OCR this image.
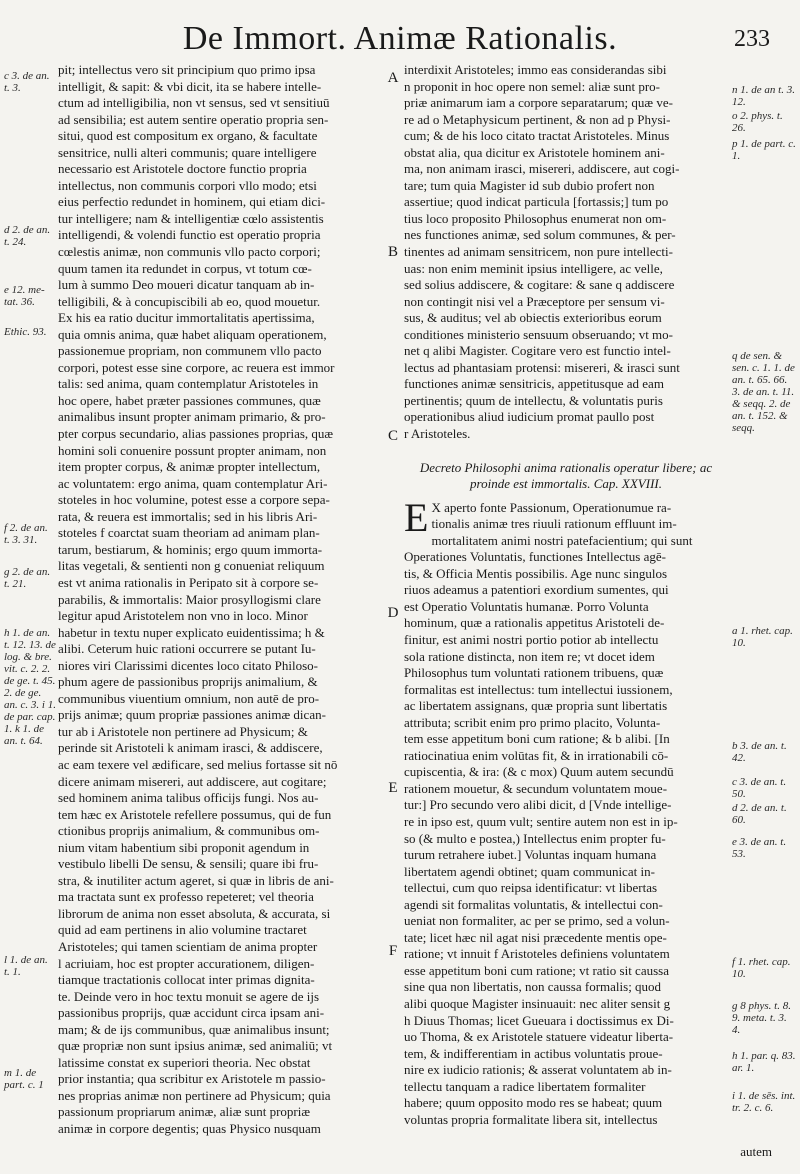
De Immort. Animæ Rationalis.	233
pit; intellectus vero sit principium quo primo ipsa
intelligit, & sapit: & vbi dicit, ita se habere intelle-
ctum ad intelligibilia, non vt sensus, sed vt sensitiuū
ad sensibilia; est autem sentire operatio propria sen-
situi, quod est compositum ex organo, & facultate
sensitrice, nulli alteri communis; quare intelligere
necessario est Aristotele doctore functio propria
intellectus, non communis corpori vllo modo; etsi
eius perfectio redundet in hominem, qui etiam dici-
tur intelligere; nam & intelligentiæ cœlo assistentis
intelligendi, & volendi functio est operatio propria
cœlestis animæ, non communis vllo pacto corpori;
quum tamen ita redundet in corpus, vt totum cœ-
lum à summo Deo moueri dicatur tanquam ab in-
telligibili, & à concupiscibili ab eo, quod mouetur.
Ex his ea ratio ducitur immortalitatis apertissima,
quia omnis anima, quæ habet aliquam operationem,
passionemue propriam, non communem vllo pacto
corpori, potest esse sine corpore, ac reuera est immor
talis: sed anima, quam contemplatur Aristoteles in
hoc opere, habet præter passiones communes, quæ
animalibus insunt propter animam primario, & pro-
pter corpus secundario, alias passiones proprias, quæ
homini soli conuenire possunt propter animam, non
item propter corpus, & animæ propter intellectum,
ac voluntatem: ergo anima, quam contemplatur Ari-
stoteles in hoc volumine, potest esse a corpore sepa-
rata, & reuera est immortalis; sed in his libris Ari-
stoteles f coarctat suam theoriam ad animam plan-
tarum, bestiarum, & hominis; ergo quum immorta-
litas vegetali, & sentienti non g conueniat reliquum
est vt anima rationalis in Peripato sit à corpore se-
parabilis, & immortalis: Maior prosyllogismi clare
legitur apud Aristotelem non vno in loco. Minor
habetur in textu nuper explicato euidentissima; h &
alibi. Ceterum huic rationi occurrere se putant Iu-
niores viri Clarissimi dicentes loco citato Philoso-
phum agere de passionibus proprijs animalium, &
communibus viuentium omnium, non autē de pro-
prijs animæ; quum propriæ passiones animæ dican-
tur ab i Aristotele non pertinere ad Physicum; &
perinde sit Aristoteli k animam irasci, & addiscere,
ac eam texere vel ædificare, sed melius fortasse sit nō
dicere animam misereri, aut addiscere, aut cogitare;
sed hominem anima talibus officijs fungi. Nos au-
tem hæc ex Aristotele refellere possumus, qui de fun
ctionibus proprijs animalium, & communibus om-
nium vitam habentium sibi proponit agendum in
vestibulo libelli De sensu, & sensili; quare ibi fru-
stra, & inutiliter actum ageret, si quæ in libris de ani-
ma tractata sunt ex professo repeteret; vel theoria
librorum de anima non esset absoluta, & accurata, si
quid ad eam pertinens in alio volumine tractaret
Aristoteles; qui tamen scientiam de anima propter
l acriuiam, hoc est propter accurationem, diligen-
tiamque tractationis collocat inter primas dignita-
te. Deinde vero in hoc textu monuit se agere de ijs
passionibus proprijs, quæ accidunt circa ipsam ani-
mam; & de ijs communibus, quæ animalibus insunt;
quæ propriæ non sunt ipsius animæ, sed animaliū; vt
latissime constat ex superiori theoria. Nec obstat
prior instantia; qua scribitur ex Aristotele m passio-
nes proprias animæ non pertinere ad Physicum; quia
passionum propriarum animæ, aliæ sunt propriæ
animæ in corpore degentis; quas Physico nusquam
interdixit Aristoteles; immo eas considerandas sibi
n proponit in hoc opere non semel: aliæ sunt pro-
priæ animarum iam a corpore separatarum; quæ ve-
re ad o Metaphysicum pertinent, & non ad p Physi-
cum; & de his loco citato tractat Aristoteles. Minus
obstat alia, qua dicitur ex Aristotele hominem ani-
ma, non animam irasci, misereri, addiscere, aut cogi-
tare; tum quia Magister id sub dubio profert non
assertiue; quod indicat particula [fortassis;] tum po
tius loco proposito Philosophus enumerat non om-
nes functiones animæ, sed solum communes, & per-
tinentes ad animam sensitricem, non pure intellecti-
uas: non enim meminit ipsius intelligere, ac velle,
sed solius addiscere, & cogitare: & sane q addiscere
non contingit nisi vel a Præceptore per sensum vi-
sus, & auditus; vel ab obiectis exterioribus eorum
conditiones ministerio sensuum obseruando; vt mo-
net q alibi Magister. Cogitare vero est functio intel-
lectus ad phantasiam protensi: misereri, & irasci sunt
functiones animæ sensitricis, appetitusque ad eam
pertinentis; quum de intellectu, & voluntatis puris
operationibus aliud iudicium promat paullo post
r Aristoteles.
Decreto Philosophi anima rationalis operatur libere; ac proinde est immortalis. Cap. XXVIII.
E X aperto fonte Passionum, Operationumue ra-
tionalis animæ tres riuuli rationum effluunt im-
mortalitatem animi nostri patefacientium; qui sunt
Operationes Voluntatis, functiones Intellectus agē-
tis, & Officia Mentis possibilis. Age nunc singulos
riuos adeamus a patentiori exordium sumentes, qui
est Operatio Voluntatis humanæ. Porro Volunta
hominum, quæ a rationalis appetitus Aristoteli de-
finitur, est animi nostri portio potior ab intellectu
sola ratione distincta, non item re; vt docet idem
Philosophus tum voluntati rationem tribuens, quæ
formalitas est intellectus: tum intellectui iussionem,
ac libertatem assignans, quæ propria sunt libertatis
attributa; scribit enim pro primo placito, Volunta-
tem esse appetitum boni cum ratione; & b alibi. [In
ratiocinatiua enim volūtas fit, & in irrationabili cō-
cupiscentia, & ira: (& c mox) Quum autem secundū
rationem mouetur, & secundum voluntatem moue-
tur:] Pro secundo vero alibi dicit, d [Vnde intellige-
re in ipso est, quum vult; sentire autem non est in ip-
so (& multo e postea,) Intellectus enim propter fu-
turum retrahere iubet.] Voluntas inquam humana
libertatem agendi obtinet; quam communicat in-
tellectui, cum quo reipsa identificatur: vt libertas
agendi sit formalitas voluntatis, & intellectui con-
ueniat non formaliter, ac per se primo, sed a volun-
tate; licet hæc nil agat nisi præcedente mentis ope-
ratione; vt innuit f Aristoteles definiens voluntatem
esse appetitum boni cum ratione; vt ratio sit caussa
sine qua non libertatis, non caussa formalis; quod
alibi quoque Magister insinuauit: nec aliter sensit g
h Diuus Thomas; licet Gueuara i doctissimus ex Di-
uo Thoma, & ex Aristotele statuere videatur liberta-
tem, & indifferentiam in actibus voluntatis proue-
nire ex iudicio rationis; & asserat voluntatem ab in-
tellectu tanquam a radice libertatem formaliter
habere; quum opposito modo res se habeat; quum
voluntas propria formalitate libera sit, intellectus
c 3. de an. t. 3.
d 2. de an. t. 24.
e 12. me- tat. 36.
Ethic. 93.
f 2. de an. t. 3. 31.
g 2. de an. t. 21.
h 1. de an. t. 12. 13. de log. & bre. vit. c. 2. 2. de ge. t. 45. 2. de ge. an. c. 3. i 1. de par. cap. 1. k 1. de an. t. 64.
l 1. de an. t. 1.
m 1. de part. c. 1
n 1. de an t. 3. 12.
o 2. phys. t. 26.
p 1. de part. c. 1.
q de sen. & sen. c. 1. 1. de an. t. 65. 66. 3. de an. t. 11. & seqq. 2. de an. t. 152. & seqq.
a 1. rhet. cap. 10.
b 3. de an. t. 42.
c 3. de an. t. 50.
d 2. de an. t. 60.
e 3. de an. t. 53.
f 1. rhet. cap. 10.
g 8 phys. t. 8. 9. meta. t. 3. 4.
h 1. par. q. 83. ar. 1.
i 1. de sēs. int. tr. 2. c. 6.
A
B
C
D
E
F
autem
